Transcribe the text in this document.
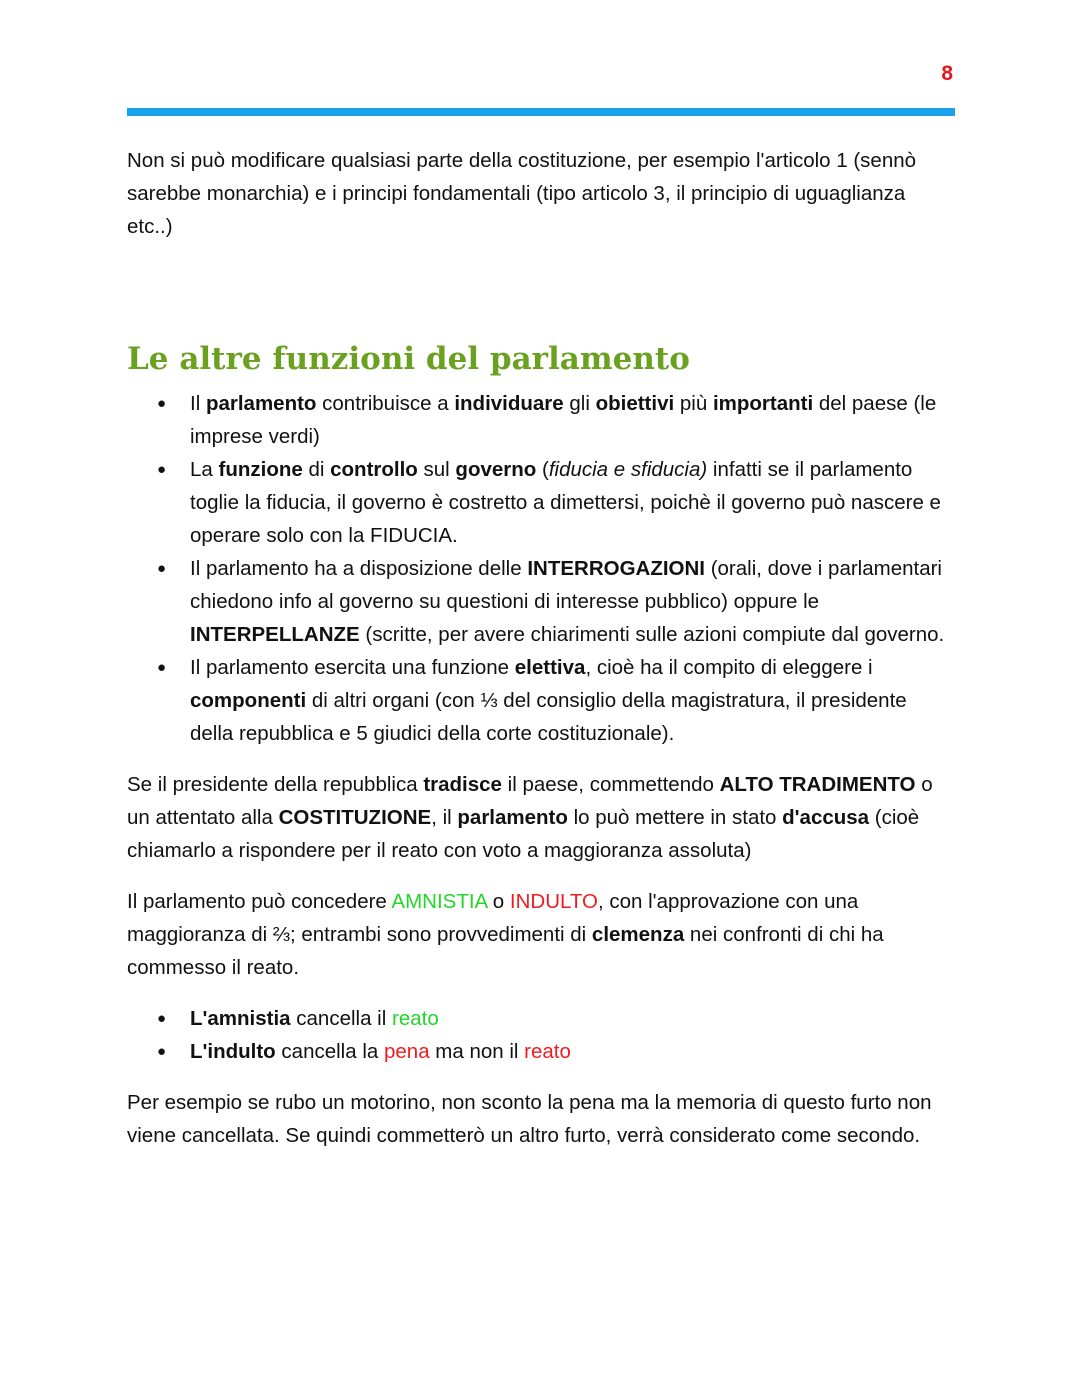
8

Non si può modificare qualsiasi parte della costituzione, per esempio l'articolo 1 (sennò sarebbe monarchia) e i principi fondamentali (tipo articolo 3, il principio di uguaglianza etc..)

Le altre funzioni del parlamento
● Il parlamento contribuisce a individuare gli obiettivi più importanti del paese (le imprese verdi)
● La funzione di controllo sul governo (fiducia e sfiducia) infatti se il parlamento toglie la fiducia, il governo è costretto a dimettersi, poichè il governo può nascere e operare solo con la FIDUCIA.
● Il parlamento ha a disposizione delle INTERROGAZIONI (orali, dove i parlamentari chiedono info al governo su questioni di interesse pubblico) oppure le INTERPELLANZE (scritte, per avere chiarimenti sulle azioni compiute dal governo.
● Il parlamento esercita una funzione elettiva, cioè ha il compito di eleggere i componenti di altri organi (con ⅓ del consiglio della magistratura, il presidente della repubblica e 5 giudici della corte costituzionale).

Se il presidente della repubblica tradisce il paese, commettendo ALTO TRADIMENTO o un attentato alla COSTITUZIONE, il parlamento lo può mettere in stato d'accusa (cioè chiamarlo a rispondere per il reato con voto a maggioranza assoluta)

Il parlamento può concedere AMNISTIA o INDULTO, con l'approvazione con una maggioranza di ⅔; entrambi sono provvedimenti di clemenza nei confronti di chi ha commesso il reato.

● L'amnistia cancella il reato
● L'indulto cancella la pena ma non il reato

Per esempio se rubo un motorino, non sconto la pena ma la memoria di questo furto non viene cancellata. Se quindi commetterò un altro furto, verrà considerato come secondo.
